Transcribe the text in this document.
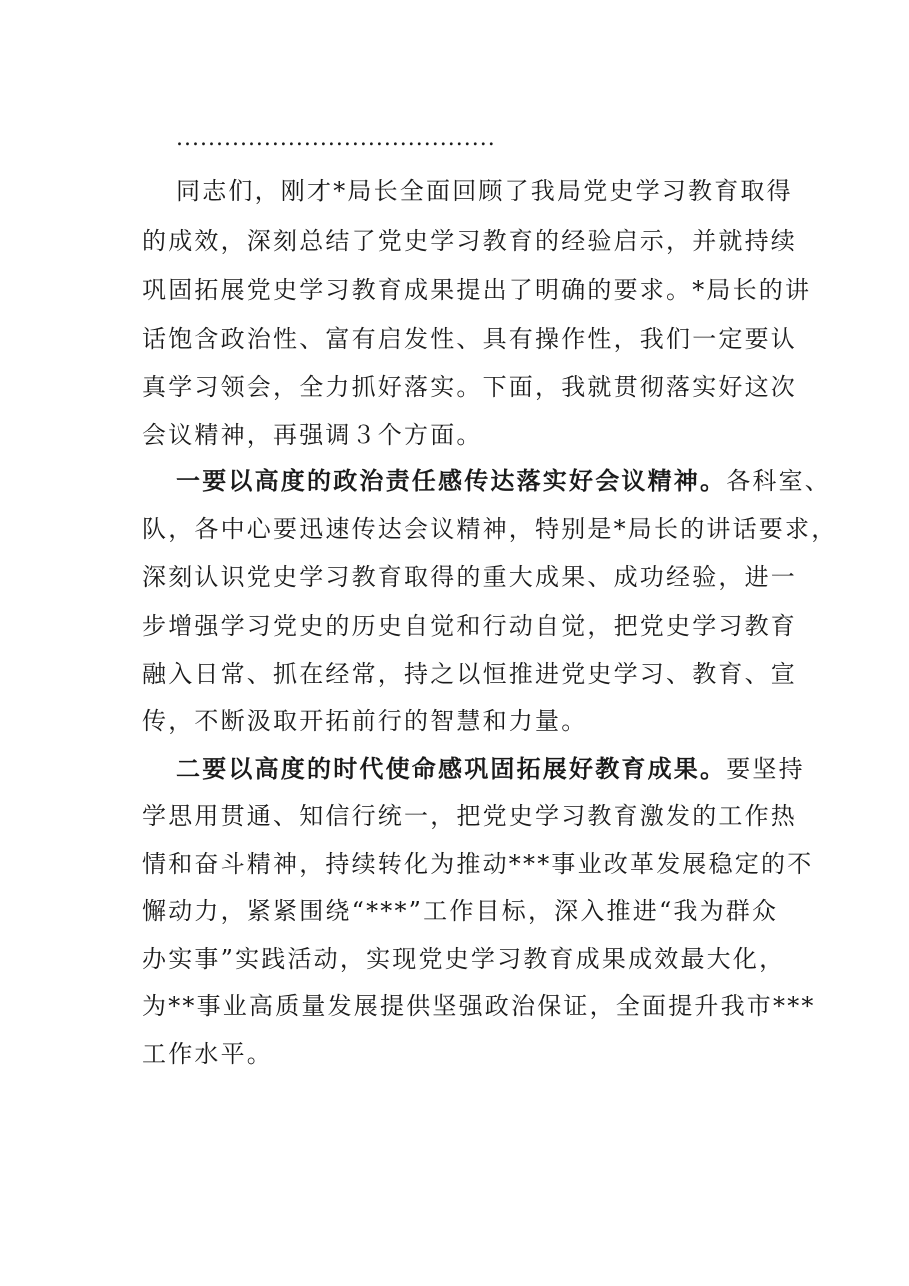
........................................
同志们，刚才*局长全面回顾了我局党史学习教育取得
的成效，深刻总结了党史学习教育的经验启示，并就持续
巩固拓展党史学习教育成果提出了明确的要求。*局长的讲
话饱含政治性、富有启发性、具有操作性，我们一定要认
真学习领会，全力抓好落实。下面，我就贯彻落实好这次
会议精神，再强调３个方面。
一要以高度的政治责任感传达落实好会议精神。各科室、
队，各中心要迅速传达会议精神，特别是*局长的讲话要求，
深刻认识党史学习教育取得的重大成果、成功经验，进一
步增强学习党史的历史自觉和行动自觉，把党史学习教育
融入日常、抓在经常，持之以恒推进党史学习、教育、宣
传，不断汲取开拓前行的智慧和力量。
二要以高度的时代使命感巩固拓展好教育成果。要坚持
学思用贯通、知信行统一，把党史学习教育激发的工作热
情和奋斗精神，持续转化为推动***事业改革发展稳定的不
懈动力，紧紧围绕“***”工作目标，深入推进“我为群众
办实事”实践活动，实现党史学习教育成果成效最大化，
为**事业高质量发展提供坚强政治保证，全面提升我市***
工作水平。
